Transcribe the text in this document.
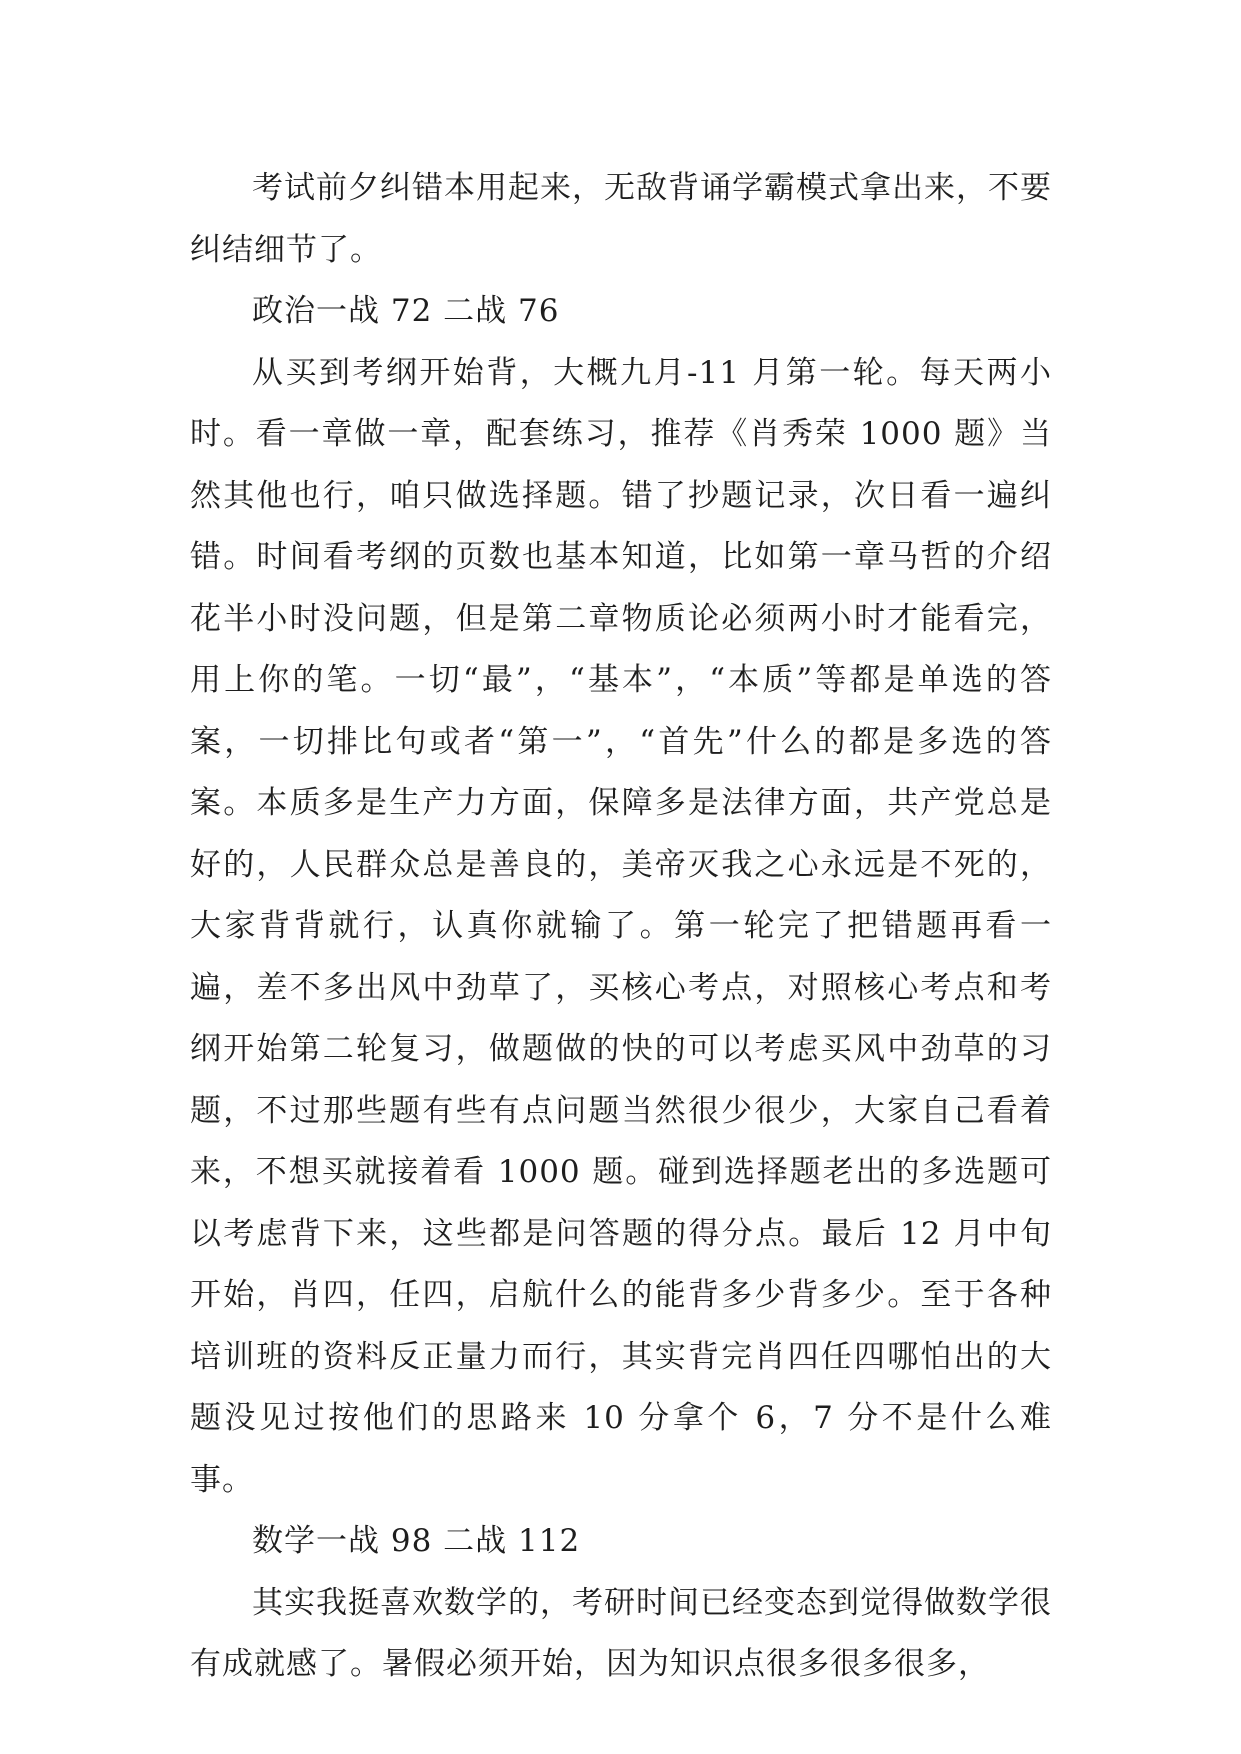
考试前夕纠错本用起来，无敌背诵学霸模式拿出来，不要纠结细节了。

政治一战 72 二战 76

从买到考纲开始背，大概九月-11 月第一轮。每天两小时。看一章做一章，配套练习，推荐《肖秀荣 1000 题》当然其他也行，咱只做选择题。错了抄题记录，次日看一遍纠错。时间看考纲的页数也基本知道，比如第一章马哲的介绍花半小时没问题，但是第二章物质论必须两小时才能看完，用上你的笔。一切“最”，“基本”，“本质”等都是单选的答案，一切排比句或者“第一”，“首先”什么的都是多选的答案。本质多是生产力方面，保障多是法律方面，共产党总是好的，人民群众总是善良的，美帝灭我之心永远是不死的，大家背背就行，认真你就输了。第一轮完了把错题再看一遍，差不多出风中劲草了，买核心考点，对照核心考点和考纲开始第二轮复习，做题做的快的可以考虑买风中劲草的习题，不过那些题有些有点问题当然很少很少，大家自己看着来，不想买就接着看 1000 题。碰到选择题老出的多选题可以考虑背下来，这些都是问答题的得分点。最后 12 月中旬开始，肖四，任四，启航什么的能背多少背多少。至于各种培训班的资料反正量力而行，其实背完肖四任四哪怕出的大题没见过按他们的思路来 10 分拿个 6，7 分不是什么难事。

数学一战 98 二战 112

其实我挺喜欢数学的，考研时间已经变态到觉得做数学很有成就感了。暑假必须开始，因为知识点很多很多很多，
